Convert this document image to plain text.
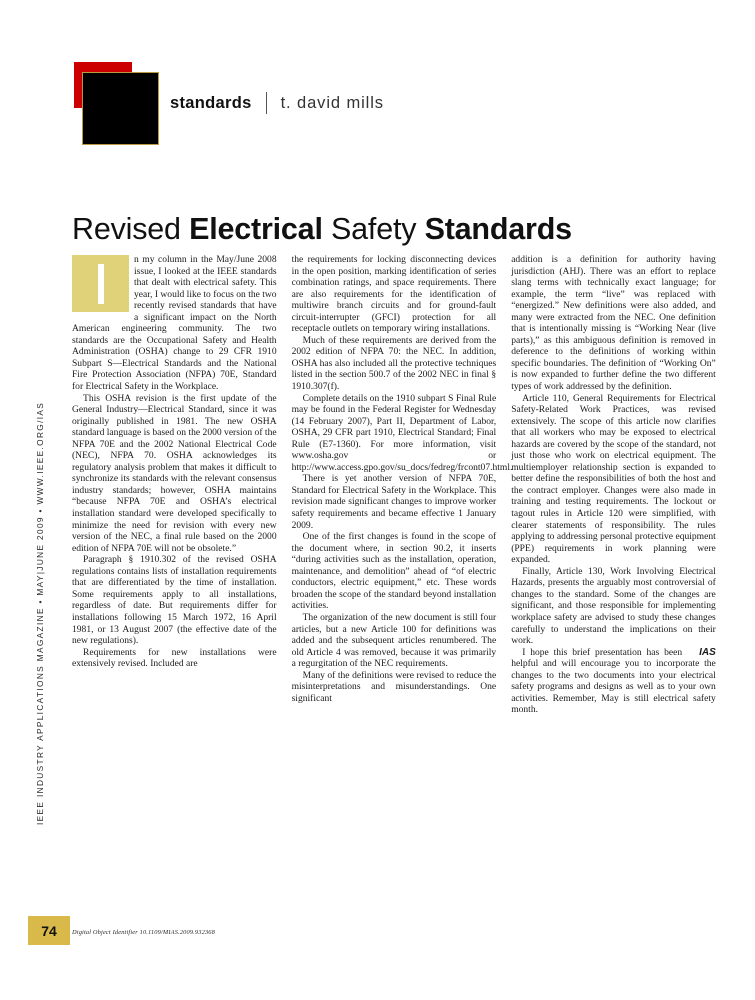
IEEE INDUSTRY APPLICATIONS MAGAZINE • MAY|JUNE 2009 • WWW.IEEE.ORG/IAS
74
standards t. david mills
Revised Electrical Safety Standards

n my column in the May/June 2008 issue, I looked at the IEEE standards that dealt with electrical safety. This year, I would like to focus on the two recently revised standards that have a significant impact on the North American engineering community. The two standards are the Occupational Safety and Health Administration (OSHA) change to 29 CFR 1910 Subpart S—Electrical Standards and the National Fire Protection Association (NFPA) 70E, Standard for Electrical Safety in the Workplace.

This OSHA revision is the first update of the General Industry—Electrical Standard, since it was originally published in 1981. The new OSHA standard language is based on the 2000 version of the NFPA 70E and the 2002 National Electrical Code (NEC), NFPA 70. OSHA acknowledges its regulatory analysis problem that makes it difficult to synchronize its standards with the relevant consensus industry standards; however, OSHA maintains “because NFPA 70E and OSHA’s electrical installation standard were developed specifically to minimize the need for revision with every new version of the NEC, a final rule based on the 2000 edition of NFPA 70E will not be obsolete.”

Paragraph § 1910.302 of the revised OSHA regulations contains lists of installation requirements that are differentiated by the time of installation. Some requirements apply to all installations, regardless of date. But requirements differ for installations following 15 March 1972, 16 April 1981, or 13 August 2007 (the effective date of the new regulations).

Requirements for new installations were extensively revised. Included are

the requirements for locking disconnecting devices in the open position, marking identification of series combination ratings, and space requirements. There are also requirements for the identification of multiwire branch circuits and for ground-fault circuit-interrupter (GFCI) protection for all receptacle outlets on temporary wiring installations.

Much of these requirements are derived from the 2002 edition of NFPA 70: the NEC. In addition, OSHA has also included all the protective techniques listed in the section 500.7 of the 2002 NEC in final § 1910.307(f).

Complete details on the 1910 subpart S Final Rule may be found in the Federal Register for Wednesday (14 February 2007), Part II, Department of Labor, OSHA, 29 CFR part 1910, Electrical Standard; Final Rule (E7-1360). For more information, visit www.osha.gov or http://www.access.gpo.gov/su_docs/fedreg/frcont07.html.

There is yet another version of NFPA 70E, Standard for Electrical Safety in the Workplace. This revision made significant changes to improve worker safety requirements and became effective 1 January 2009.

One of the first changes is found in the scope of the document where, in section 90.2, it inserts “during activities such as the installation, operation, maintenance, and demolition” ahead of “of electric conductors, electric equipment,” etc. These words broaden the scope of the standard beyond installation activities.

The organization of the new document is still four articles, but a new Article 100 for definitions was added and the subsequent articles renumbered. The old Article 4 was removed, because it was primarily a regurgitation of the NEC requirements.

Many of the definitions were revised to reduce the misinterpretations and misunderstandings. One significant

addition is a definition for authority having jurisdiction (AHJ). There was an effort to replace slang terms with technically exact language; for example, the term “live” was replaced with “energized.” New definitions were also added, and many were extracted from the NEC. One definition that is intentionally missing is “Working Near (live parts),” as this ambiguous definition is removed in deference to the definitions of working within specific boundaries. The definition of “Working On” is now expanded to further define the two different types of work addressed by the definition.

Article 110, General Requirements for Electrical Safety-Related Work Practices, was revised extensively. The scope of this article now clarifies that all workers who may be exposed to electrical hazards are covered by the scope of the standard, not just those who work on electrical equipment. The multiemployer relationship section is expanded to better define the responsibilities of both the host and the contract employer. Changes were also made in training and testing requirements. The lockout or tagout rules in Article 120 were simplified, with clearer statements of responsibility. The rules applying to addressing personal protective equipment (PPE) requirements in work planning were expanded.

Finally, Article 130, Work Involving Electrical Hazards, presents the arguably most controversial of changes to the standard. Some of the changes are significant, and those responsible for implementing workplace safety are advised to study these changes carefully to understand the implications on their work.

IAS
I hope this brief presentation has been helpful and will encourage you to incorporate the changes to the two documents into your electrical safety programs and designs as well as to your own activities. Remember, May is still electrical safety month.

Digital Object Identifier 10.1109/MIAS.2009.932368
